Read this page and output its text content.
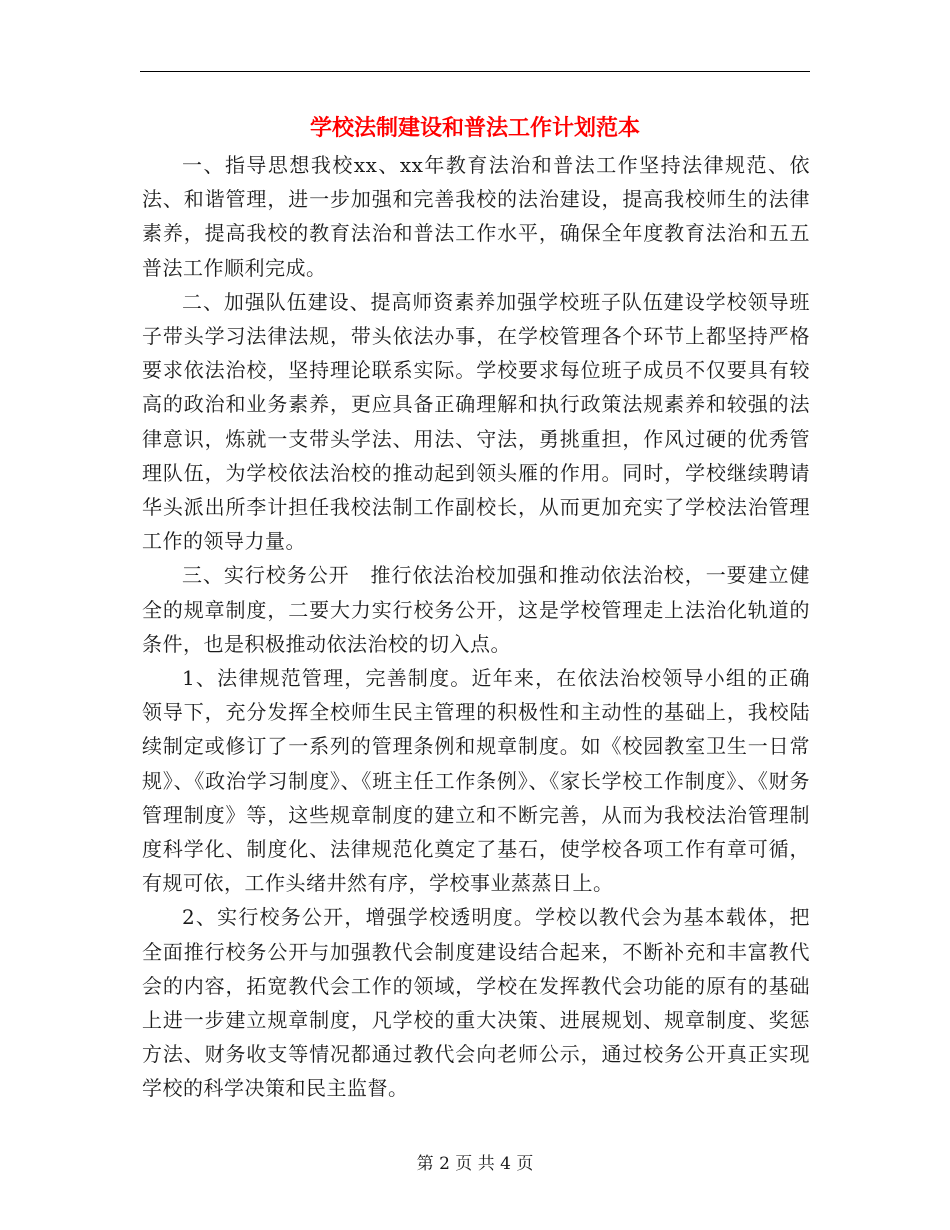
学校法制建设和普法工作计划范本

一、指导思想我校xx、xx年教育法治和普法工作坚持法律规范、依法、和谐管理，进一步加强和完善我校的法治建设，提高我校师生的法律素养，提高我校的教育法治和普法工作水平，确保全年度教育法治和五五普法工作顺利完成。

二、加强队伍建设、提高师资素养加强学校班子队伍建设学校领导班子带头学习法律法规，带头依法办事，在学校管理各个环节上都坚持严格要求依法治校，坚持理论联系实际。学校要求每位班子成员不仅要具有较高的政治和业务素养，更应具备正确理解和执行政策法规素养和较强的法律意识，炼就一支带头学法、用法、守法，勇挑重担，作风过硬的优秀管理队伍，为学校依法治校的推动起到领头雁的作用。同时，学校继续聘请华头派出所李计担任我校法制工作副校长，从而更加充实了学校法治管理工作的领导力量。

三、实行校务公开　推行依法治校加强和推动依法治校，一要建立健全的规章制度，二要大力实行校务公开，这是学校管理走上法治化轨道的条件，也是积极推动依法治校的切入点。

1、法律规范管理，完善制度。近年来，在依法治校领导小组的正确领导下，充分发挥全校师生民主管理的积极性和主动性的基础上，我校陆续制定或修订了一系列的管理条例和规章制度。如《校园教室卫生一日常规》、《政治学习制度》、《班主任工作条例》、《家长学校工作制度》、《财务管理制度》等，这些规章制度的建立和不断完善，从而为我校法治管理制度科学化、制度化、法律规范化奠定了基石，使学校各项工作有章可循，有规可依，工作头绪井然有序，学校事业蒸蒸日上。

2、实行校务公开，增强学校透明度。学校以教代会为基本载体，把全面推行校务公开与加强教代会制度建设结合起来，不断补充和丰富教代会的内容，拓宽教代会工作的领域，学校在发挥教代会功能的原有的基础上进一步建立规章制度，凡学校的重大决策、进展规划、规章制度、奖惩方法、财务收支等情况都通过教代会向老师公示，通过校务公开真正实现学校的科学决策和民主监督。

第 2 页 共 4 页
